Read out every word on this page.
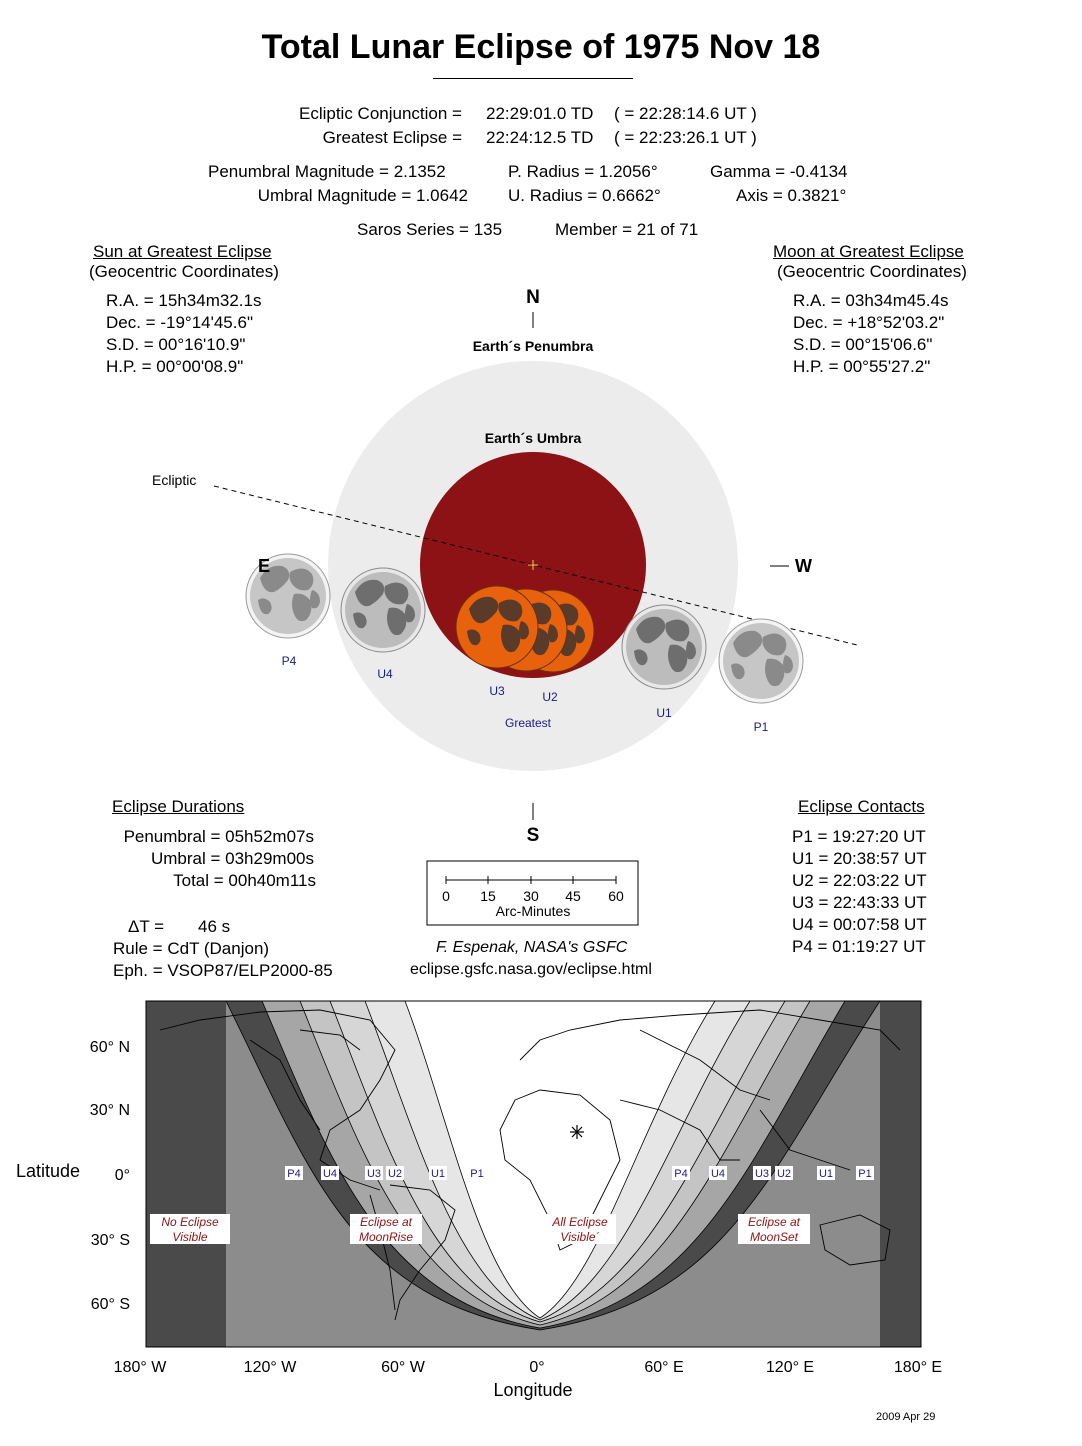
Total Lunar Eclipse of 1975 Nov 18
Ecliptic Conjunction = 22:29:01.0 TD ( = 22:28:14.6 UT )
Greatest Eclipse = 22:24:12.5 TD ( = 22:23:26.1 UT )
Penumbral Magnitude = 2.1352
Umbral Magnitude = 1.0642
P. Radius = 1.2056°
U. Radius = 0.6662°
Gamma = -0.4134
Axis = 0.3821°
Saros Series = 135	Member = 21 of 71
Sun at Greatest Eclipse
(Geocentric Coordinates)
R.A. = 15h34m32.1s
Dec. = -19°14'45.6"
S.D. = 00°16'10.9"
H.P. = 00°00'08.9"
Moon at Greatest Eclipse
(Geocentric Coordinates)
R.A. = 03h34m45.4s
Dec. = +18°52'03.2"
S.D. = 00°15'06.6"
H.P. = 00°55'27.2"
N
S
E	W
Earth´s Penumbra
Earth´s Umbra
Ecliptic
P4
U4
U3	U2
Greatest
U1
P1
Eclipse Durations
Penumbral = 05h52m07s
Umbral = 03h29m00s
Total = 00h40m11s
ΔT = 46 s
Rule = CdT (Danjon)
Eph. = VSOP87/ELP2000-85
0 15 30 45 60
Arc-Minutes
F. Espenak, NASA's GSFC
eclipse.gsfc.nasa.gov/eclipse.html
Eclipse Contacts
P1 = 19:27:20 UT
U1 = 20:38:57 UT
U2 = 22:03:22 UT
U3 = 22:43:33 UT
U4 = 00:07:58 UT
P4 = 01:19:27 UT
P4 U4	U3 U2	U1 P1	P4 U4	U3 U2	U1 P1
No Eclipse
Visible
Eclipse at
MoonRise
All Eclipse
Visible´
Eclipse at
MoonSet
Latitude
60° N
30° N
0°
30° S
60° S
180° W	120° W	60° W	0°	60° E	120° E	180° E
Longitude
2009 Apr 29
